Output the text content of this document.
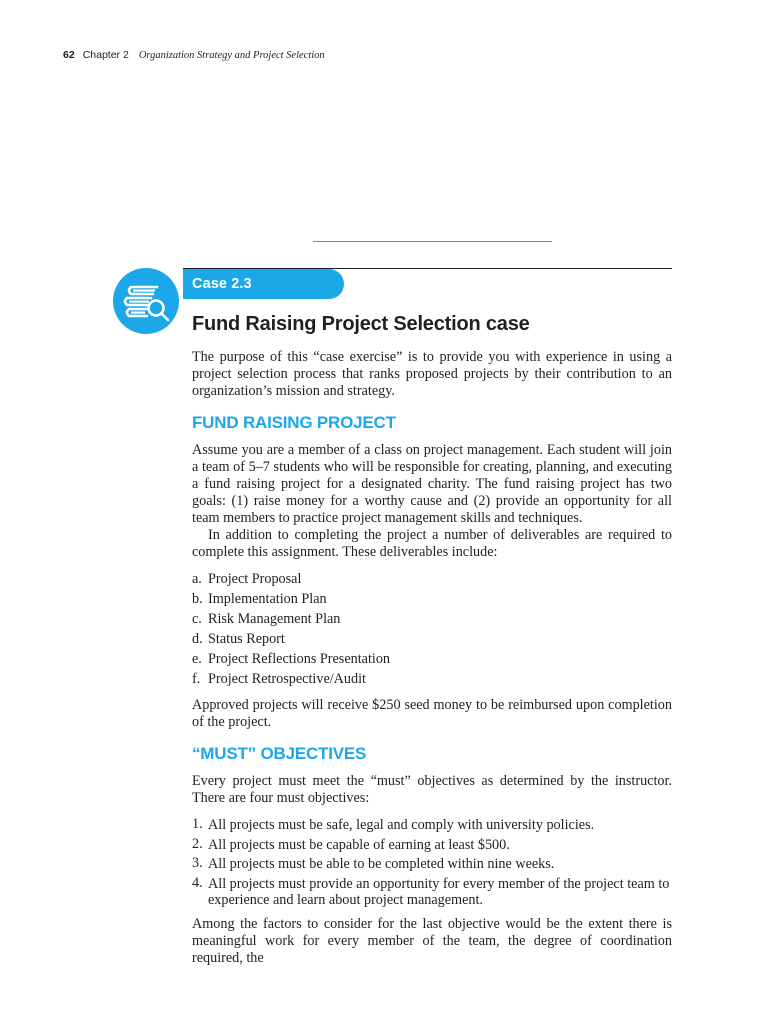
62 Chapter 2 Organization Strategy and Project Selection
Case 2.3
Fund Raising Project Selection case

The purpose of this “case exercise” is to provide you with experience in using a project selection process that ranks proposed projects by their contribution to an organization’s mission and strategy.

FUND RAISING PROJECT

Assume you are a member of a class on project management. Each student will join a team of 5–7 students who will be responsible for creating, planning, and executing a fund raising project for a designated charity. The fund raising project has two goals: (1) raise money for a worthy cause and (2) provide an opportunity for all team members to practice project management skills and techniques.

In addition to completing the project a number of deliverables are required to complete this assignment. These deliverables include:

a. Project Proposal
b. Implementation Plan
c. Risk Management Plan
d. Status Report
e. Project Reflections Presentation
f. Project Retrospective/Audit

Approved projects will receive $250 seed money to be reimbursed upon completion of the project.

“MUST” OBJECTIVES

Every project must meet the “must” objectives as determined by the instructor. There are four must objectives:

1. All projects must be safe, legal and comply with university policies.
2. All projects must be capable of earning at least $500.
3. All projects must be able to be completed within nine weeks.
4. All projects must provide an opportunity for every member of the project team to experience and learn about project management.

Among the factors to consider for the last objective would be the extent there is meaningful work for every member of the team, the degree of coordination required, the
